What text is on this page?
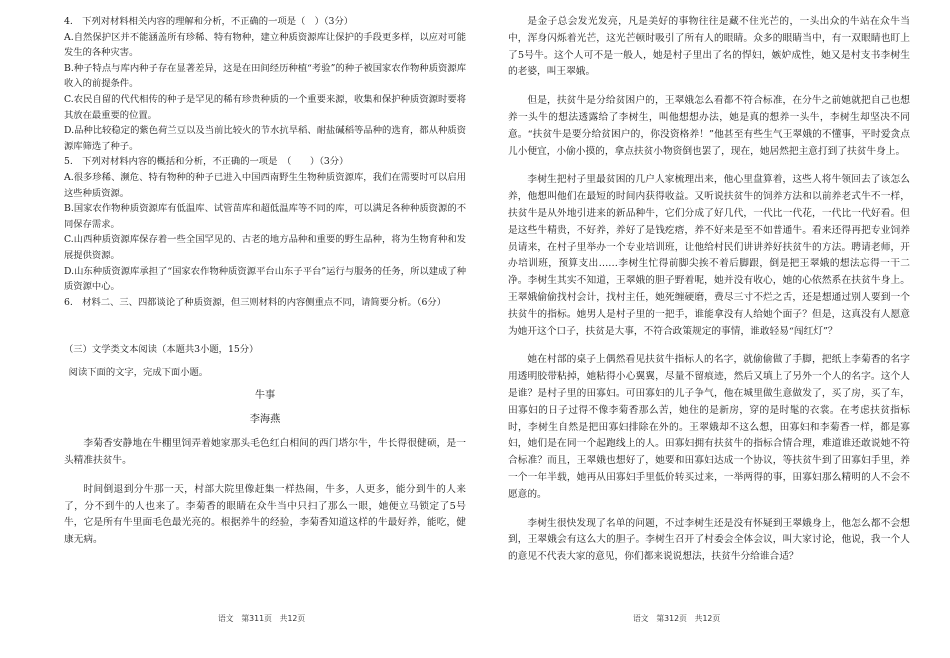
4.　下列对材料相关内容的理解和分析，不正确的一项是（　）（3分）

A.自然保护区并不能涵盖所有珍稀、特有物种，建立种质资源库让保护的手段更多样，以应对可能发生的各种灾害。

B.种子特点与库内种子存在显著差异，这是在田间经历种植“考验”的种子被国家农作物种质资源库收入的前提条件。

C.农民自留的代代相传的种子是罕见的稀有珍贵种质的一个重要来源，收集和保护种质资源时要将其放在最重要的位置。

D.品种比较稳定的紫色荷兰豆以及当前比较火的节水抗旱稻、耐盐碱稻等品种的选育，都从种质资源库筛选了种子。

5.　下列对材料内容的概括和分析，不正确的一项是　（　　）（3分）

A.很多珍稀、濒危、特有物种的种子已进入中国西南野生生物种质资源库，我们在需要时可以启用这些种质资源。

B.国家农作物种质资源库有低温库、试管苗库和超低温库等不同的库，可以满足各种种质资源的不同保存需求。

C.山西种质资源库保存着一些全国罕见的、古老的地方品种和重要的野生品种，将为生物育种和发展提供资源。

D.山东种质资源库承担了“国家农作物种质资源平台山东子平台”运行与服务的任务，所以建成了种质资源中心。

6.　材料二、三、四都谈论了种质资源，但三则材料的内容侧重点不同，请简要分析。（6分）

（三）文学类文本阅读（本题共3小题，15分）

阅读下面的文字，完成下面小题。

牛事

李海燕

李菊香安静地在牛棚里饲弄着她家那头毛色红白相间的西门塔尔牛，牛长得很健硕，是一头精准扶贫牛。

时间倒退到分牛那一天，村部大院里像赶集一样热闹，牛多，人更多，能分到牛的人来了，分不到牛的人也来了。李菊香的眼睛在众牛当中只扫了那么一眼，她便立马锁定了5号牛，它是所有牛里面毛色最光亮的。根据养牛的经验，李菊香知道这样的牛最好养，能吃，健康无病。

是金子总会发光发亮，凡是美好的事物往往是藏不住光芒的，一头出众的牛站在众牛当中，浑身闪烁着光芒，这光芒顿时吸引了所有人的眼睛。众多的眼睛当中，有一双眼睛也盯上了5号牛。这个人可不是一般人，她是村子里出了名的悍妇，嫉妒成性，她又是村支书李树生的老婆，叫王翠娥。

但是，扶贫牛是分给贫困户的，王翠娥怎么看都不符合标准，在分牛之前她就把自己也想养一头牛的想法透露给了李树生，叫他想想办法，她是真的想养一头牛，李树生却坚决不同意。“扶贫牛是要分给贫困户的，你没资格养！”他甚至有些生气王翠娥的不懂事，平时爱贪点儿小便宜，小偷小摸的，拿点扶贫小物资倒也罢了，现在，她居然把主意打到了扶贫牛身上。

李树生把村子里最贫困的几户人家梳理出来，他心里盘算着，这些人将牛领回去了该怎么养，他想叫他们在最短的时间内获得收益。又听说扶贫牛的饲养方法和以前养老式牛不一样，扶贫牛是从外地引进来的新品种牛，它们分成了好几代，一代比一代花，一代比一代好看。但是这些牛精贵，不好养，养好了是钱疙瘩，养不好来是至不如普通牛。看来还得再把专业饲养员请来，在村子里举办一个专业培训班，让他给村民们讲讲养好扶贫牛的方法。聘请老师，开办培训班，预算支出……李树生忙得前脚尖挨不着后脚跟，倒是把王翠娥的想法忘得一干二净。李树生其实不知道，王翠娥的胆子野着呢，她并没有收心，她的心依然系在扶贫牛身上。王翠娥偷偷找村会计，找村主任，她死缠硬磨，费尽三寸不烂之舌，还是想通过别人要到一个扶贫牛的指标。她男人是村子里的一把手，谁能拿没有人给她个面子？但是，这真没有人愿意为她开这个口子，扶贫是大事，不符合政策规定的事情，谁敢轻易“闯红灯”？

她在村部的桌子上偶然看见扶贫牛指标人的名字，就偷偷做了手脚，把纸上李菊香的名字用透明胶带粘掉，她粘得小心翼翼，尽量不留痕迹，然后又填上了另外一个人的名字。这个人是谁？是村子里的田寡妇。可田寡妇的儿子争气，他在城里做生意做发了，买了房，买了车，田寡妇的日子过得不像李菊香那么苦，她住的是新房，穿的是时髦的衣裳。在考虑扶贫指标时，李树生自然是把田寡妇排除在外的。王翠娥却不这么想，田寡妇和李菊香一样，都是寡妇，她们是在同一个起跑线上的人。田寡妇拥有扶贫牛的指标合情合理，难道谁还敢说她不符合标准？而且，王翠娥也想好了，她要和田寡妇达成一个协议，等扶贫牛到了田寡妇手里，养一个一年半载，她再从田寡妇手里低价转买过来，一举两得的事，田寡妇那么精明的人不会不愿意的。

李树生很快发现了名单的问题，不过李树生还是没有怀疑到王翠娥身上，他怎么都不会想到，王翠娥会有这么大的胆子。李树生召开了村委会全体会议，叫大家讨论，他说，我一个人的意见不代表大家的意见，你们都来说说想法，扶贫牛分给谁合适？

语文　第311页　共12页	语文　第312页　共12页
